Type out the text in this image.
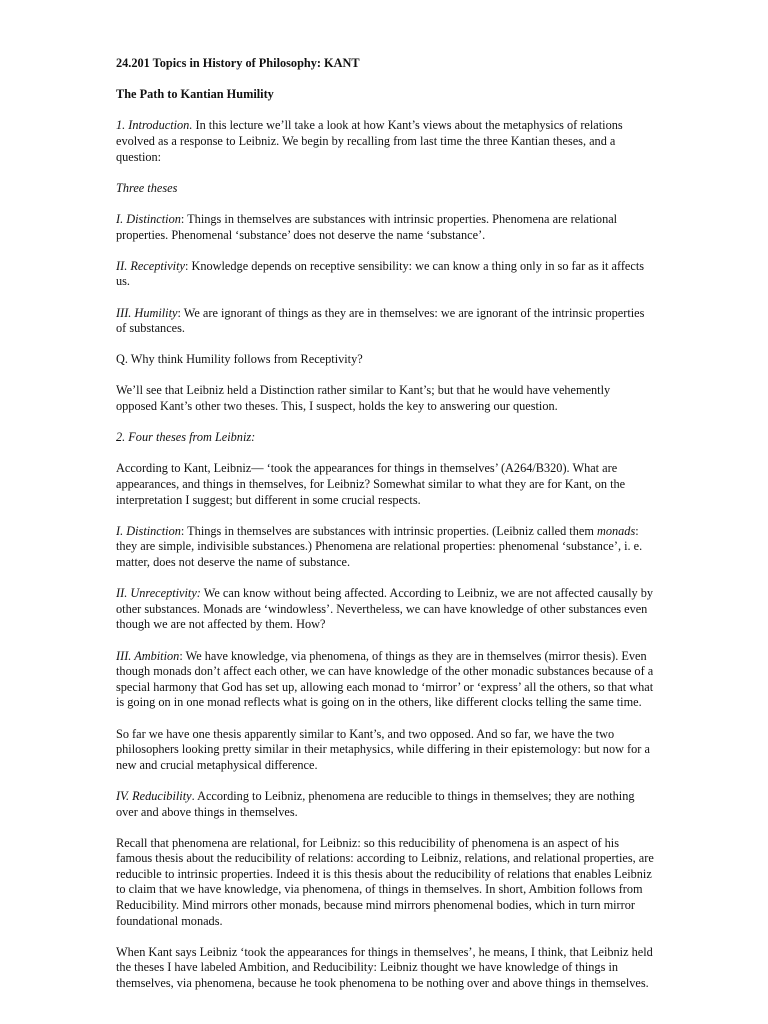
24.201 Topics in History of Philosophy: KANT

The Path to Kantian Humility

1. Introduction. In this lecture we’ll take a look at how Kant’s views about the metaphysics of relations evolved as a response to Leibniz. We begin by recalling from last time the three Kantian theses, and a question:

Three theses

I. Distinction: Things in themselves are substances with intrinsic properties. Phenomena are relational properties. Phenomenal ‘substance’ does not deserve the name ‘substance’.

II. Receptivity: Knowledge depends on receptive sensibility: we can know a thing only in so far as it affects us.

III. Humility: We are ignorant of things as they are in themselves: we are ignorant of the intrinsic properties of substances.

Q. Why think Humility follows from Receptivity?

We’ll see that Leibniz held a Distinction rather similar to Kant’s; but that he would have vehemently opposed Kant’s other two theses. This, I suspect, holds the key to answering our question.

2. Four theses from Leibniz:

According to Kant, Leibniz— ‘took the appearances for things in themselves’ (A264/B320). What are appearances, and things in themselves, for Leibniz? Somewhat similar to what they are for Kant, on the interpretation I suggest; but different in some crucial respects.

I. Distinction: Things in themselves are substances with intrinsic properties. (Leibniz called them monads: they are simple, indivisible substances.) Phenomena are relational properties: phenomenal ‘substance’, i. e. matter, does not deserve the name of substance.

II. Unreceptivity: We can know without being affected. According to Leibniz, we are not affected causally by other substances. Monads are ‘windowless’. Nevertheless, we can have knowledge of other substances even though we are not affected by them. How?

III. Ambition: We have knowledge, via phenomena, of things as they are in themselves (mirror thesis). Even though monads don’t affect each other, we can have knowledge of the other monadic substances because of a special harmony that God has set up, allowing each monad to ‘mirror’ or ‘express’ all the others, so that what is going on in one monad reflects what is going on in the others, like different clocks telling the same time.

So far we have one thesis apparently similar to Kant’s, and two opposed. And so far, we have the two philosophers looking pretty similar in their metaphysics, while differing in their epistemology: but now for a new and crucial metaphysical difference.

IV. Reducibility. According to Leibniz, phenomena are reducible to things in themselves; they are nothing over and above things in themselves.

Recall that phenomena are relational, for Leibniz: so this reducibility of phenomena is an aspect of his famous thesis about the reducibility of relations: according to Leibniz, relations, and relational properties, are reducible to intrinsic properties. Indeed it is this thesis about the reducibility of relations that enables Leibniz to claim that we have knowledge, via phenomena, of things in themselves. In short, Ambition follows from Reducibility. Mind mirrors other monads, because mind mirrors phenomenal bodies, which in turn mirror foundational monads.

When Kant says Leibniz ‘took the appearances for things in themselves’, he means, I think, that Leibniz held the theses I have labeled Ambition, and Reducibility: Leibniz thought we have knowledge of things in themselves, via phenomena, because he took phenomena to be nothing over and above things in themselves.
